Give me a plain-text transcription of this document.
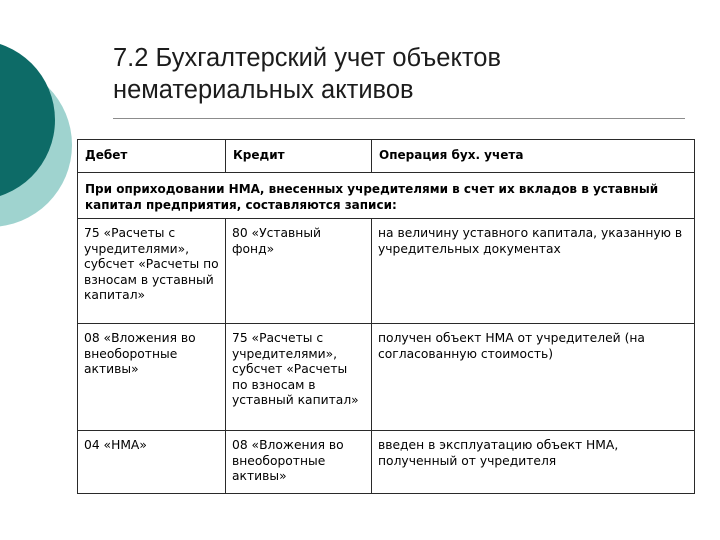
7.2 Бухгалтерский учет объектов
нематериальных активов
Дебет	Кредит	Операция бух. учета
При оприходовании НМА, внесенных учредителями в счет их вкладов в уставный капитал предприятия, составляются записи:		
75 «Расчеты с учредителями», субсчет «Расчеты по взносам в уставный капитал»	80 «Уставный фонд»	на величину уставного капитала, указанную в учредительных документах
08 «Вложения во внеоборотные активы»	75 «Расчеты с учредителями», субсчет «Расчеты по взносам в уставный капитал»	получен объект НМА от учредителей (на согласованную стоимость)
04 «НМА»	08 «Вложения во внеоборотные активы»	введен в эксплуатацию объект НМА, полученный от учредителя
